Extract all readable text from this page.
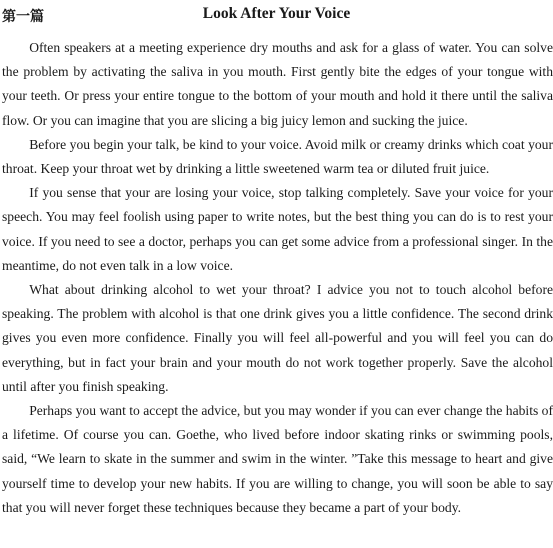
第一篇	Look After Your Voice

Often speakers at a meeting experience dry mouths and ask for a glass of water. You can solve the problem by activating the saliva in you mouth. First gently bite the edges of your tongue with your teeth. Or press your entire tongue to the bottom of your mouth and hold it there until the saliva flow. Or you can imagine that you are slicing a big juicy lemon and sucking the juice.

Before you begin your talk, be kind to your voice. Avoid milk or creamy drinks which coat your throat. Keep your throat wet by drinking a little sweetened warm tea or diluted fruit juice.

If you sense that your are losing your voice, stop talking completely. Save your voice for your speech. You may feel foolish using paper to write notes, but the best thing you can do is to rest your voice. If you need to see a doctor, perhaps you can get some advice from a professional singer. In the meantime, do not even talk in a low voice.

What about drinking alcohol to wet your throat? I advice you not to touch alcohol before speaking. The problem with alcohol is that one drink gives you a little confidence. The second drink gives you even more confidence. Finally you will feel all-powerful and you will feel you can do everything, but in fact your brain and your mouth do not work together properly. Save the alcohol until after you finish speaking.

Perhaps you want to accept the advice, but you may wonder if you can ever change the habits of a lifetime. Of course you can. Goethe, who lived before indoor skating rinks or swimming pools, said, “We learn to skate in the summer and swim in the winter. ”Take this message to heart and give yourself time to develop your new habits. If you are willing to change, you will soon be able to say that you will never forget these techniques because they became a part of your body.
